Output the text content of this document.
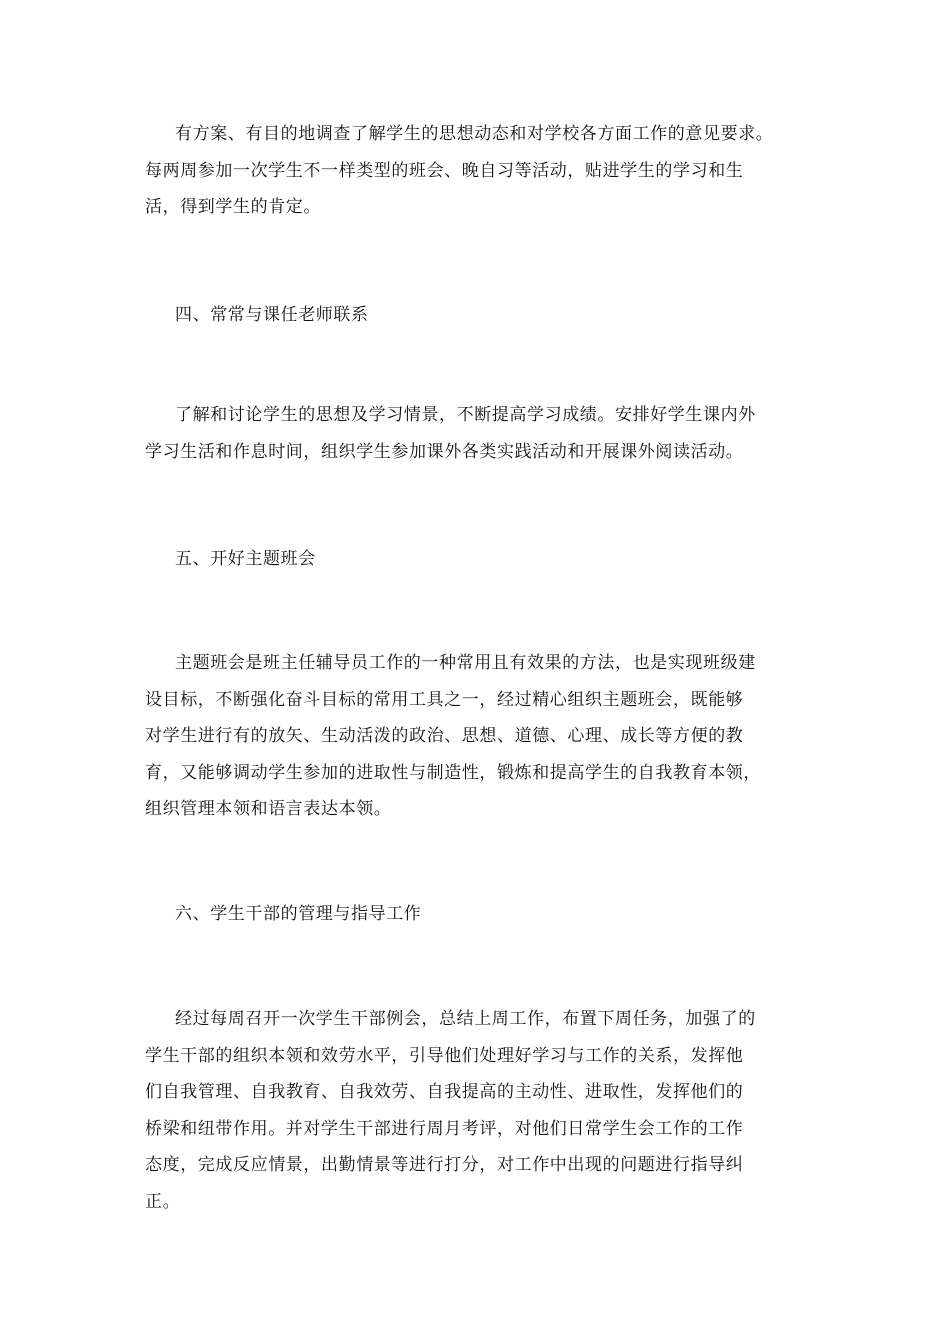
有方案、有目的地调查了解学生的思想动态和对学校各方面工作的意见要求。
每两周参加一次学生不一样类型的班会、晚自习等活动，贴进学生的学习和生
活，得到学生的肯定。
四、常常与课任老师联系
了解和讨论学生的思想及学习情景，不断提高学习成绩。安排好学生课内外
学习生活和作息时间，组织学生参加课外各类实践活动和开展课外阅读活动。
五、开好主题班会
主题班会是班主任辅导员工作的一种常用且有效果的方法，也是实现班级建
设目标，不断强化奋斗目标的常用工具之一，经过精心组织主题班会，既能够
对学生进行有的放矢、生动活泼的政治、思想、道德、心理、成长等方便的教
育，又能够调动学生参加的进取性与制造性，锻炼和提高学生的自我教育本领，
组织管理本领和语言表达本领。
六、学生干部的管理与指导工作
经过每周召开一次学生干部例会，总结上周工作，布置下周任务，加强了的
学生干部的组织本领和效劳水平，引导他们处理好学习与工作的关系，发挥他
们自我管理、自我教育、自我效劳、自我提高的主动性、进取性，发挥他们的
桥梁和纽带作用。并对学生干部进行周月考评，对他们日常学生会工作的工作
态度，完成反应情景，出勤情景等进行打分，对工作中出现的问题进行指导纠
正。
